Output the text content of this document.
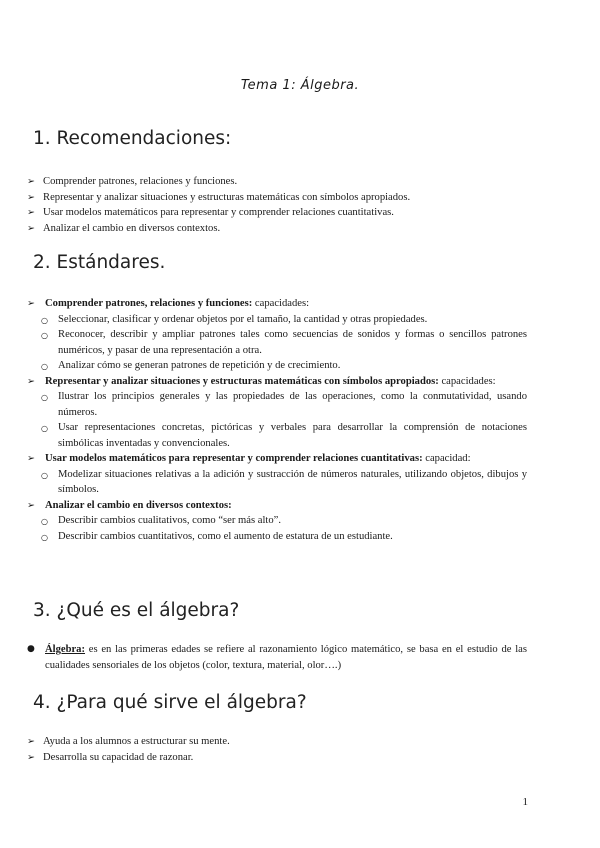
Tema 1: Álgebra.
1. Recomendaciones:
➢ Comprender patrones, relaciones y funciones.
➢ Representar y analizar situaciones y estructuras matemáticas con símbolos apropiados.
➢ Usar modelos matemáticos para representar y comprender relaciones cuantitativas.
➢ Analizar el cambio en diversos contextos.
2. Estándares.
➢ Comprender patrones, relaciones y funciones: capacidades:
○ Seleccionar, clasificar y ordenar objetos por el tamaño, la cantidad y otras propiedades.
○ Reconocer, describir y ampliar patrones tales como secuencias de sonidos y formas o sencillos patrones numéricos, y pasar de una representación a otra.
○ Analizar cómo se generan patrones de repetición y de crecimiento.
➢ Representar y analizar situaciones y estructuras matemáticas con símbolos apropiados: capacidades:
○ Ilustrar los principios generales y las propiedades de las operaciones, como la conmutatividad, usando números.
○ Usar representaciones concretas, pictóricas y verbales para desarrollar la comprensión de notaciones simbólicas inventadas y convencionales.
➢ Usar modelos matemáticos para representar y comprender relaciones cuantitativas: capacidad:
○ Modelizar situaciones relativas a la adición y sustracción de números naturales, utilizando objetos, dibujos y símbolos.
➢ Analizar el cambio en diversos contextos:
○ Describir cambios cualitativos, como “ser más alto”.
○ Describir cambios cuantitativos, como el aumento de estatura de un estudiante.
3. ¿Qué es el álgebra?
● Álgebra: es en las primeras edades se refiere al razonamiento lógico matemático, se basa en el estudio de las cualidades sensoriales de los objetos (color, textura, material, olor….)
4. ¿Para qué sirve el álgebra?
➢ Ayuda a los alumnos a estructurar su mente.
➢ Desarrolla su capacidad de razonar.
1
